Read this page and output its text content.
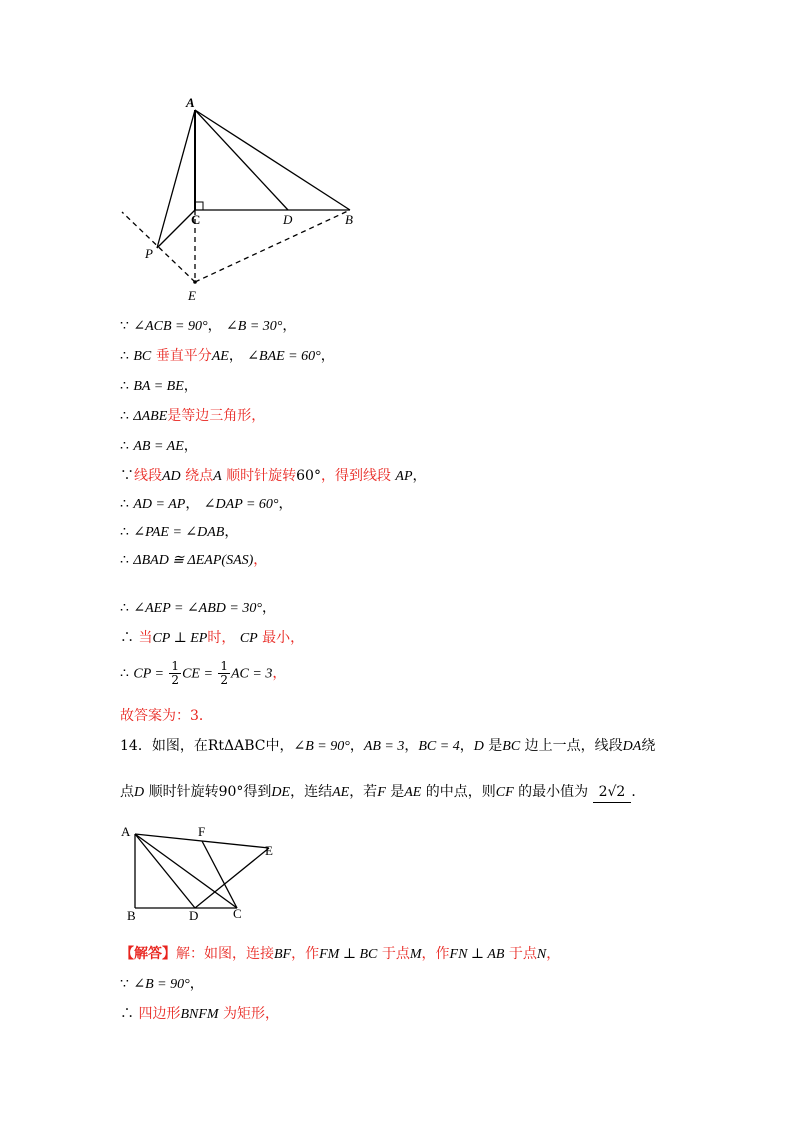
A
C	D	B
P
E
∵ ∠ACB = 90°， ∠B = 30°，
∴ BC 垂直平分AE， ∠BAE = 60°，
∴ BA = BE，
∴ ΔABE是等边三角形，
∴ AB = AE，
∵线段AD 绕点A 顺时针旋转60°，得到线段 AP，
∴ AD = AP， ∠DAP = 60°，
∴ ∠PAE = ∠DAB，
∴ ΔBAD ≅ ΔEAP(SAS)，
∴ ∠AEP = ∠ABD = 30°，
∴ 当CP ⊥ EP时， CP 最小，
∴ CP = $\frac{1}{2}$ CE = $\frac{1}{2}$ AC = 3，
故答案为：3．
14．如图，在RtΔABC中，∠B = 90°，AB = 3，BC = 4，D 是BC 边上一点，线段DA绕
点D 顺时针旋转90°得到DE，连结AE，若F 是AE 的中点，则CF 的最小值为 2√2 ．
A	F
E
B	D	C
【解答】解：如图，连接BF，作FM ⊥ BC 于点M，作FN ⊥ AB 于点N，
∵ ∠B = 90°，
∴ 四边形BNFM 为矩形，
